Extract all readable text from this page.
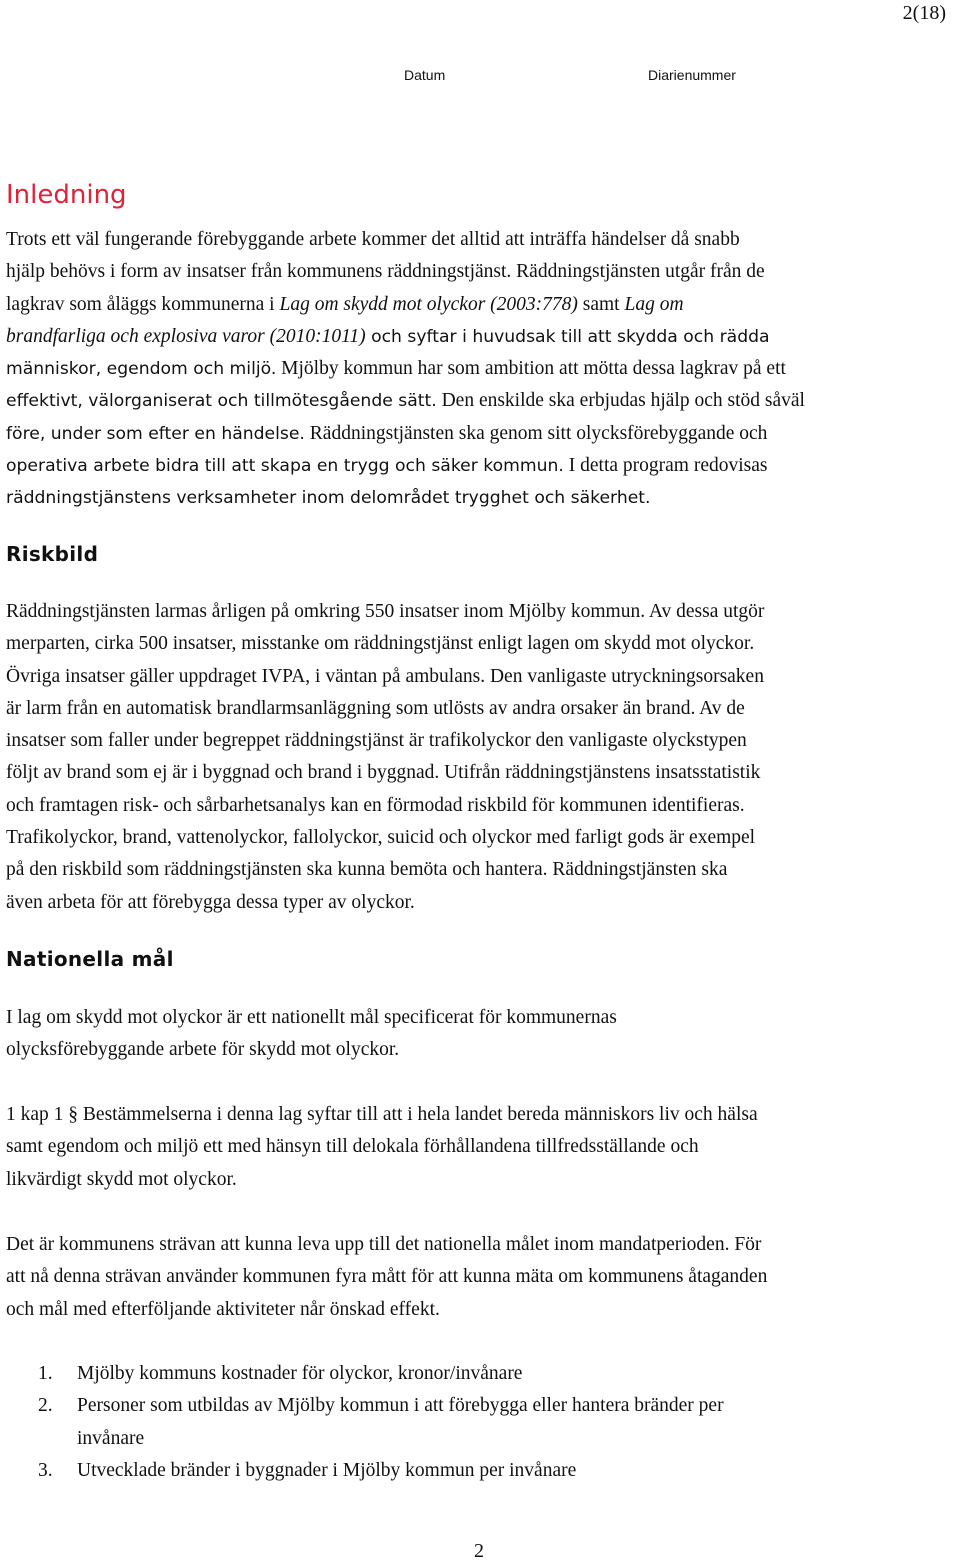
2(18)
Datum	Diarienummer
Inledning
Trots ett väl fungerande förebyggande arbete kommer det alltid att inträffa händelser då snabb
hjälp behövs i form av insatser från kommunens räddningstjänst. Räddningstjänsten utgår från de
lagkrav som åläggs kommunerna i Lag om skydd mot olyckor (2003:778) samt Lag om
brandfarliga och explosiva varor (2010:1011) och syftar i huvudsak till att skydda och rädda
människor, egendom och miljö. Mjölby kommun har som ambition att mötta dessa lagkrav på ett
effektivt, välorganiserat och tillmötesgående sätt. Den enskilde ska erbjudas hjälp och stöd såväl
före, under som efter en händelse. Räddningstjänsten ska genom sitt olycksförebyggande och
operativa arbete bidra till att skapa en trygg och säker kommun. I detta program redovisas
räddningstjänstens verksamheter inom delområdet trygghet och säkerhet.
Riskbild
Räddningstjänsten larmas årligen på omkring 550 insatser inom Mjölby kommun. Av dessa utgör
merparten, cirka 500 insatser, misstanke om räddningstjänst enligt lagen om skydd mot olyckor.
Övriga insatser gäller uppdraget IVPA, i väntan på ambulans. Den vanligaste utryckningsorsaken
är larm från en automatisk brandlarmsanläggning som utlösts av andra orsaker än brand. Av de
insatser som faller under begreppet räddningstjänst är trafikolyckor den vanligaste olyckstypen
följt av brand som ej är i byggnad och brand i byggnad. Utifrån räddningstjänstens insatsstatistik
och framtagen risk- och sårbarhetsanalys kan en förmodad riskbild för kommunen identifieras.
Trafikolyckor, brand, vattenolyckor, fallolyckor, suicid och olyckor med farligt gods är exempel
på den riskbild som räddningstjänsten ska kunna bemöta och hantera. Räddningstjänsten ska
även arbeta för att förebygga dessa typer av olyckor.
Nationella mål
I lag om skydd mot olyckor är ett nationellt mål specificerat för kommunernas
olycksförebyggande arbete för skydd mot olyckor.
1 kap 1 § Bestämmelserna i denna lag syftar till att i hela landet bereda människors liv och hälsa
samt egendom och miljö ett med hänsyn till delokala förhållandena tillfredsställande och
likvärdigt skydd mot olyckor.
Det är kommunens strävan att kunna leva upp till det nationella målet inom mandatperioden. För
att nå denna strävan använder kommunen fyra mått för att kunna mäta om kommunens åtaganden
och mål med efterföljande aktiviteter når önskad effekt.
1. Mjölby kommuns kostnader för olyckor, kronor/invånare
2. Personer som utbildas av Mjölby kommun i att förebygga eller hantera bränder per
invånare
3. Utvecklade bränder i byggnader i Mjölby kommun per invånare
2
